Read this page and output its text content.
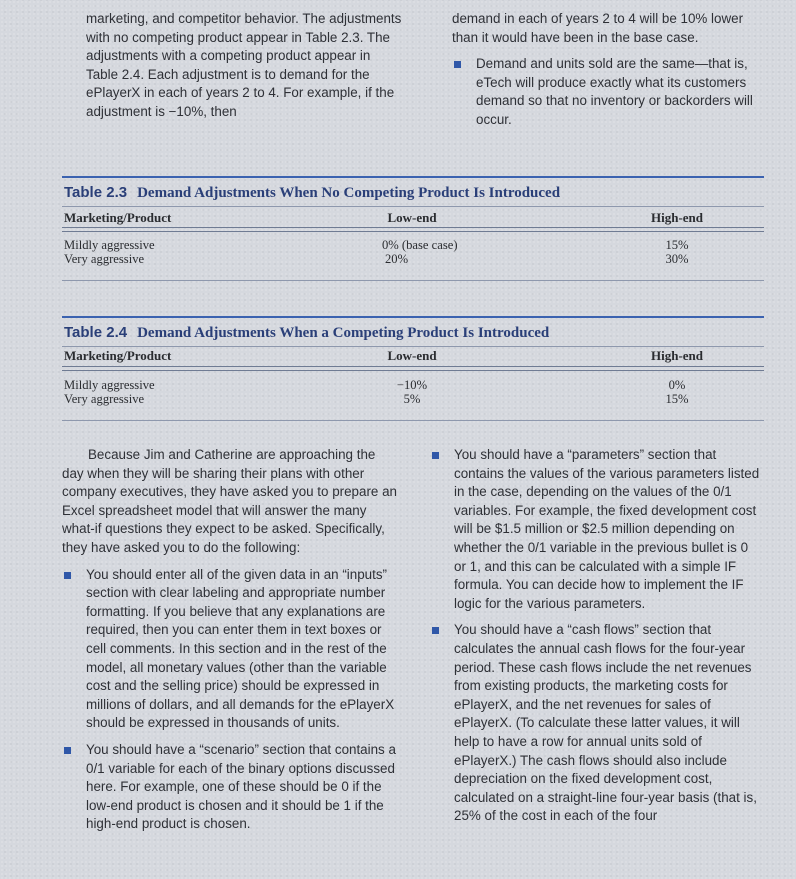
marketing, and competitor behavior. The adjustments with no competing product appear in Table 2.3. The adjustments with a competing product appear in Table 2.4. Each adjustment is to demand for the ePlayerX in each of years 2 to 4. For example, if the adjustment is −10%, then

demand in each of years 2 to 4 will be 10% lower than it would have been in the base case.

Demand and units sold are the same—that is, eTech will produce exactly what its customers demand so that no inventory or backorders will occur.

Table 2.3 Demand Adjustments When No Competing Product Is Introduced
Marketing/Product	Low-end	High-end
Mildly aggressive	0% (base case)	15%
Very aggressive	20%	30%
Table 2.4 Demand Adjustments When a Competing Product Is Introduced
Marketing/Product	Low-end	High-end
Mildly aggressive	−10%	0%
Very aggressive	5%	15%

Because Jim and Catherine are approaching the day when they will be sharing their plans with other company executives, they have asked you to prepare an Excel spreadsheet model that will answer the many what-if questions they expect to be asked. Specifically, they have asked you to do the following:

You should enter all of the given data in an “inputs” section with clear labeling and appropriate number formatting. If you believe that any explanations are required, then you can enter them in text boxes or cell comments. In this section and in the rest of the model, all monetary values (other than the variable cost and the selling price) should be expressed in millions of dollars, and all demands for the ePlayerX should be expressed in thousands of units.

You should have a “scenario” section that contains a 0/1 variable for each of the binary options discussed here. For example, one of these should be 0 if the low-end product is chosen and it should be 1 if the high-end product is chosen.

You should have a “parameters” section that contains the values of the various parameters listed in the case, depending on the values of the 0/1 variables. For example, the fixed development cost will be $1.5 million or $2.5 million depending on whether the 0/1 variable in the previous bullet is 0 or 1, and this can be calculated with a simple IF formula. You can decide how to implement the IF logic for the various parameters.

You should have a “cash flows” section that calculates the annual cash flows for the four-year period. These cash flows include the net revenues from existing products, the marketing costs for ePlayerX, and the net revenues for sales of ePlayerX. (To calculate these latter values, it will help to have a row for annual units sold of ePlayerX.) The cash flows should also include depreciation on the fixed development cost, calculated on a straight-line four-year basis (that is, 25% of the cost in each of the four
